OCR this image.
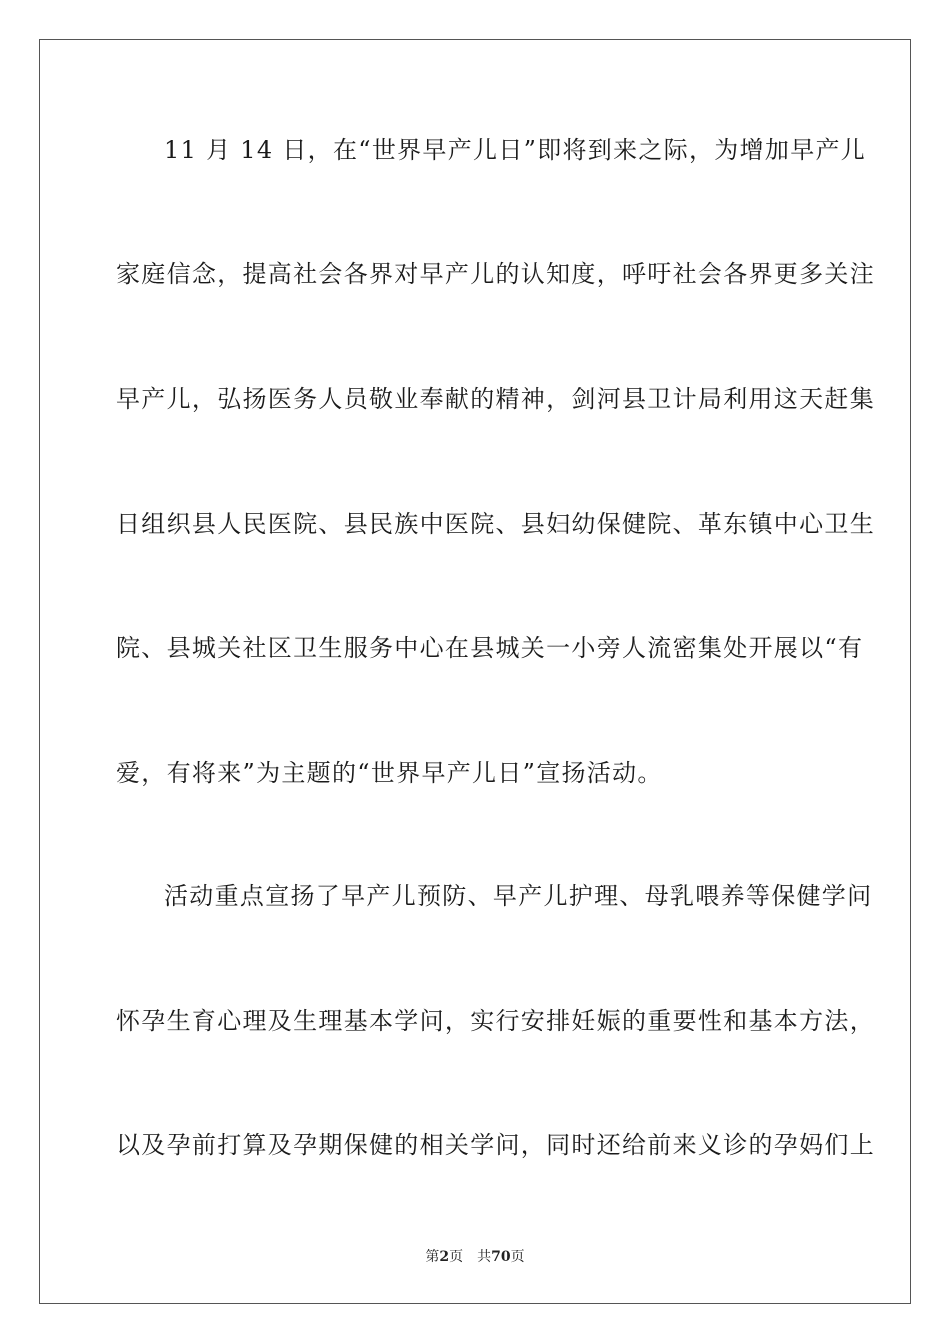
11 月 14 日，在“世界早产儿日”即将到来之际，为增加早产儿
家庭信念，提高社会各界对早产儿的认知度，呼吁社会各界更多关注
早产儿，弘扬医务人员敬业奉献的精神，剑河县卫计局利用这天赶集
日组织县人民医院、县民族中医院、县妇幼保健院、革东镇中心卫生
院、县城关社区卫生服务中心在县城关一小旁人流密集处开展以“有
爱，有将来”为主题的“世界早产儿日”宣扬活动。
活动重点宣扬了早产儿预防、早产儿护理、母乳喂养等保健学问
怀孕生育心理及生理基本学问，实行安排妊娠的重要性和基本方法，
以及孕前打算及孕期保健的相关学问，同时还给前来义诊的孕妈们上
第2页 共70页
